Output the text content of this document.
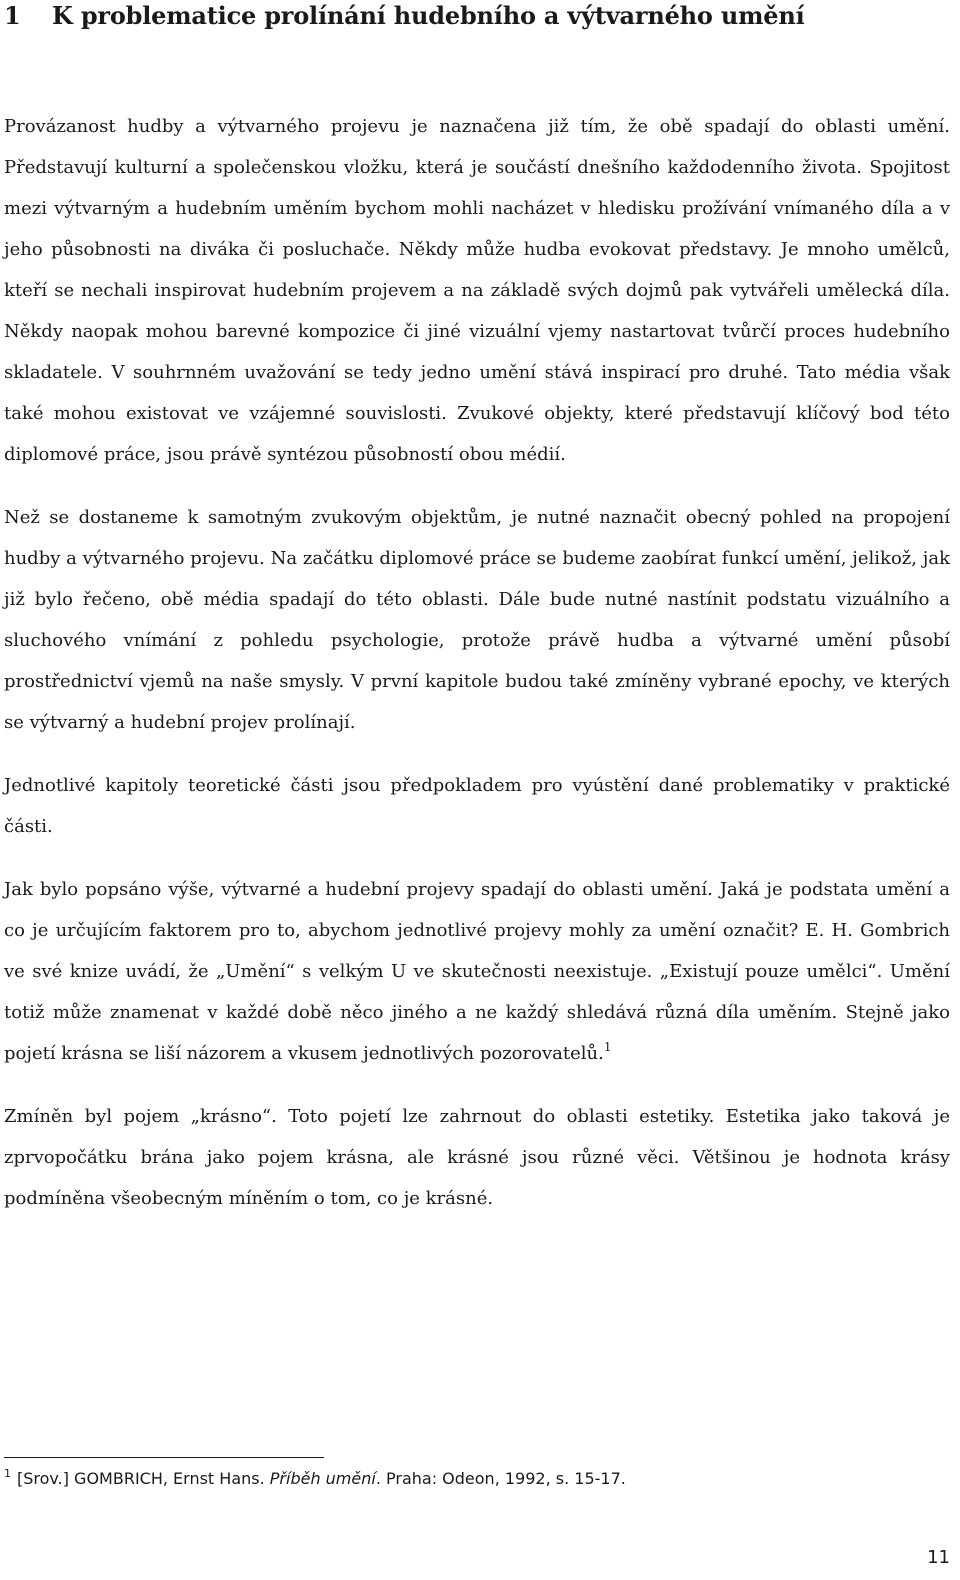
1 K problematice prolínání hudebního a výtvarného umění

Provázanost hudby a výtvarného projevu je naznačena již tím, že obě spadají do oblasti umění. Představují kulturní a společenskou vložku, která je součástí dnešního každodenního života. Spojitost mezi výtvarným a hudebním uměním bychom mohli nacházet v hledisku prožívání vnímaného díla a v jeho působnosti na diváka či posluchače. Někdy může hudba evokovat představy. Je mnoho umělců, kteří se nechali inspirovat hudebním projevem a na základě svých dojmů pak vytvářeli umělecká díla. Někdy naopak mohou barevné kompozice či jiné vizuální vjemy nastartovat tvůrčí proces hudebního skladatele. V souhrnném uvažování se tedy jedno umění stává inspirací pro druhé. Tato média však také mohou existovat ve vzájemné souvislosti. Zvukové objekty, které představují klíčový bod této diplomové práce, jsou právě syntézou působností obou médií.

Než se dostaneme k samotným zvukovým objektům, je nutné naznačit obecný pohled na propojení hudby a výtvarného projevu. Na začátku diplomové práce se budeme zaobírat funkcí umění, jelikož, jak již bylo řečeno, obě média spadají do této oblasti. Dále bude nutné nastínit podstatu vizuálního a sluchového vnímání z pohledu psychologie, protože právě hudba a výtvarné umění působí prostřednictví vjemů na naše smysly. V první kapitole budou také zmíněny vybrané epochy, ve kterých se výtvarný a hudební projev prolínají.

Jednotlivé kapitoly teoretické části jsou předpokladem pro vyústění dané problematiky v praktické části.

Jak bylo popsáno výše, výtvarné a hudební projevy spadají do oblasti umění. Jaká je podstata umění a co je určujícím faktorem pro to, abychom jednotlivé projevy mohly za umění označit? E. H. Gombrich ve své knize uvádí, že „Umění“ s velkým U ve skutečnosti neexistuje. „Existují pouze umělci“. Umění totiž může znamenat v každé době něco jiného a ne každý shledává různá díla uměním. Stejně jako pojetí krásna se liší názorem a vkusem jednotlivých pozorovatelů.$^1$

Zmíněn byl pojem „krásno“. Toto pojetí lze zahrnout do oblasti estetiky. Estetika jako taková je zprvopočátku brána jako pojem krásna, ale krásné jsou různé věci. Většinou je hodnota krásy podmíněna všeobecným míněním o tom, co je krásné.

$^1$ [Srov.] GOMBRICH, Ernst Hans. Příběh umění. Praha: Odeon, 1992, s. 15-17.
11
